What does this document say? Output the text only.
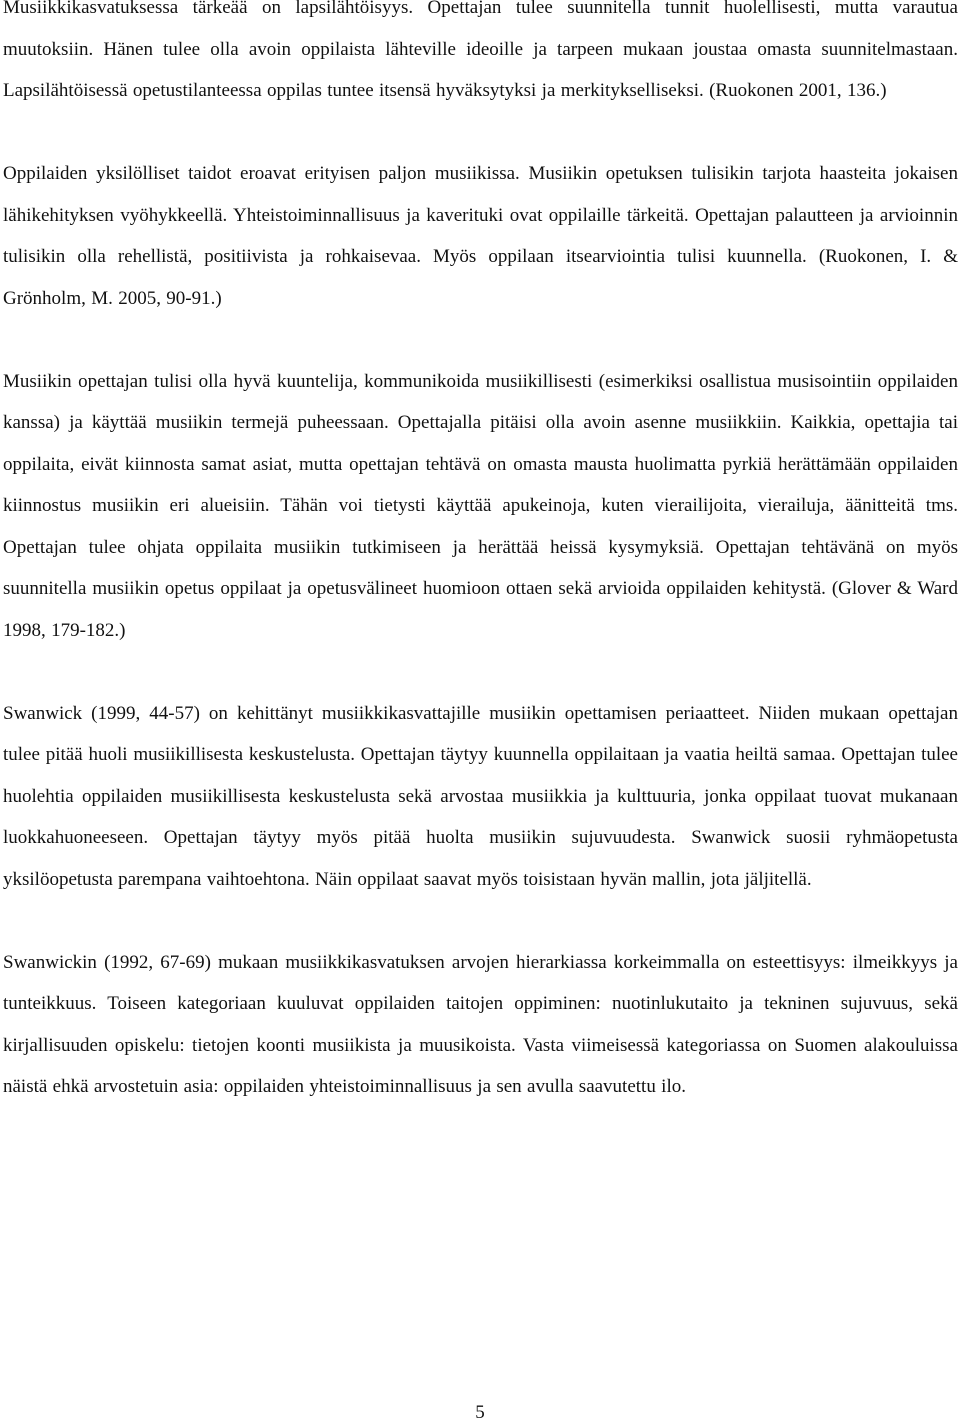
Musiikkikasvatuksessa tärkeää on lapsilähtöisyys. Opettajan tulee suunnitella tunnit huolellisesti, mutta varautua muutoksiin. Hänen tulee olla avoin oppilaista lähteville ideoille ja tarpeen mukaan joustaa omasta suunnitelmastaan. Lapsilähtöisessä opetustilanteessa oppilas tuntee itsensä hyväksytyksi ja merkitykselliseksi. (Ruokonen 2001, 136.)

Oppilaiden yksilölliset taidot eroavat erityisen paljon musiikissa. Musiikin opetuksen tulisikin tarjota haasteita jokaisen lähikehityksen vyöhykkeellä. Yhteistoiminnallisuus ja kaverituki ovat oppilaille tärkeitä. Opettajan palautteen ja arvioinnin tulisikin olla rehellistä, positiivista ja rohkaisevaa. Myös oppilaan itsearviointia tulisi kuunnella. (Ruokonen, I. & Grönholm, M. 2005, 90-91.)

Musiikin opettajan tulisi olla hyvä kuuntelija, kommunikoida musiikillisesti (esimerkiksi osallistua musisointiin oppilaiden kanssa) ja käyttää musiikin termejä puheessaan. Opettajalla pitäisi olla avoin asenne musiikkiin. Kaikkia, opettajia tai oppilaita, eivät kiinnosta samat asiat, mutta opettajan tehtävä on omasta mausta huolimatta pyrkiä herättämään oppilaiden kiinnostus musiikin eri alueisiin. Tähän voi tietysti käyttää apukeinoja, kuten vierailijoita, vierailuja, äänitteitä tms. Opettajan tulee ohjata oppilaita musiikin tutkimiseen ja herättää heissä kysymyksiä. Opettajan tehtävänä on myös suunnitella musiikin opetus oppilaat ja opetusvälineet huomioon ottaen sekä arvioida oppilaiden kehitystä. (Glover & Ward 1998, 179-182.)

Swanwick (1999, 44-57) on kehittänyt musiikkikasvattajille musiikin opettamisen periaatteet. Niiden mukaan opettajan tulee pitää huoli musiikillisesta keskustelusta. Opettajan täytyy kuunnella oppilaitaan ja vaatia heiltä samaa. Opettajan tulee huolehtia oppilaiden musiikillisesta keskustelusta sekä arvostaa musiikkia ja kulttuuria, jonka oppilaat tuovat mukanaan luokkahuoneeseen. Opettajan täytyy myös pitää huolta musiikin sujuvuudesta. Swanwick suosii ryhmäopetusta yksilöopetusta parempana vaihtoehtona. Näin oppilaat saavat myös toisistaan hyvän mallin, jota jäljitellä.

Swanwickin (1992, 67-69) mukaan musiikkikasvatuksen arvojen hierarkiassa korkeimmalla on esteettisyys: ilmeikkyys ja tunteikkuus. Toiseen kategoriaan kuuluvat oppilaiden taitojen oppiminen: nuotinlukutaito ja tekninen sujuvuus, sekä kirjallisuuden opiskelu: tietojen koonti musiikista ja muusikoista. Vasta viimeisessä kategoriassa on Suomen alakouluissa näistä ehkä arvostetuin asia: oppilaiden yhteistoiminnallisuus ja sen avulla saavutettu ilo.

5
